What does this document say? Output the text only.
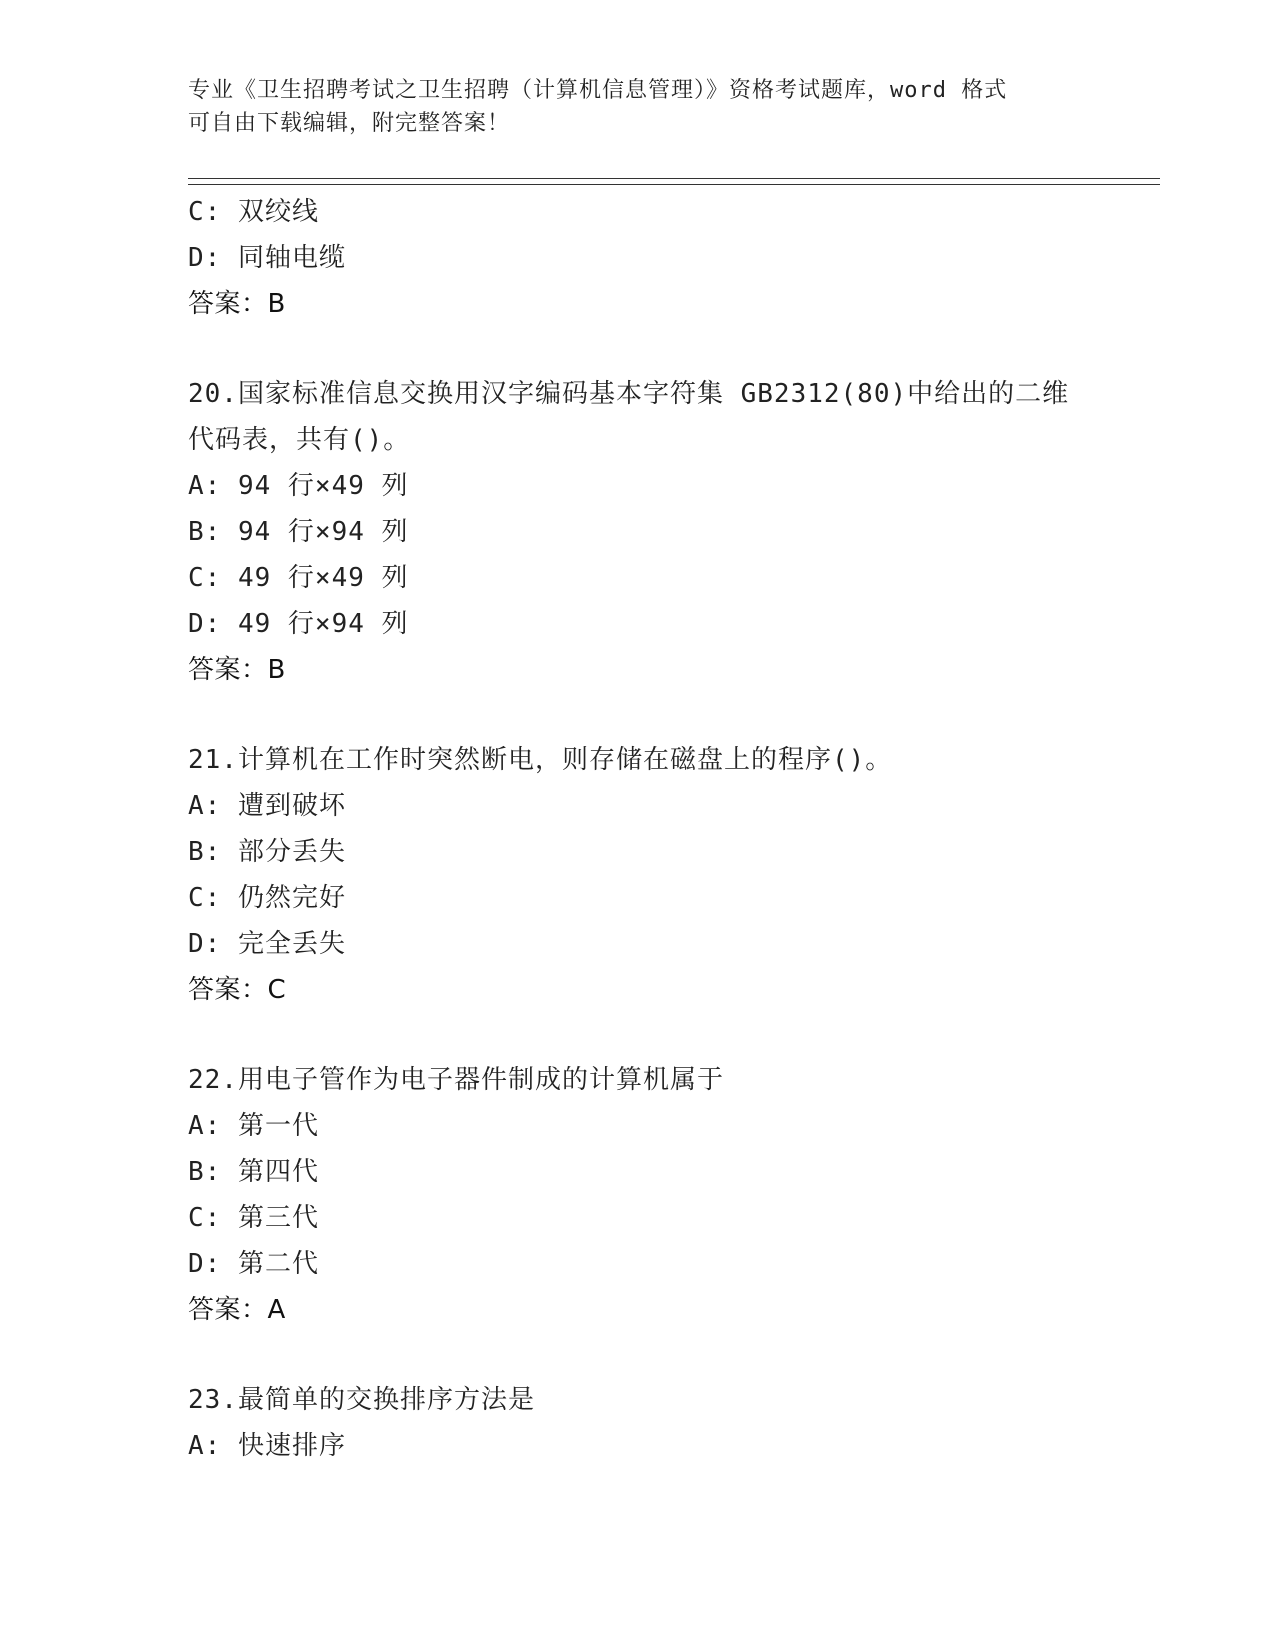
专业《卫生招聘考试之卫生招聘（计算机信息管理）》资格考试题库，word 格式
可自由下载编辑，附完整答案！
C: 双绞线
D: 同轴电缆
答案：B
20.国家标准信息交换用汉字编码基本字符集 GB2312(80)中给出的二维
代码表，共有()。
A: 94 行×49 列
B: 94 行×94 列
C: 49 行×49 列
D: 49 行×94 列
答案：B
21.计算机在工作时突然断电，则存储在磁盘上的程序()。
A: 遭到破坏
B: 部分丢失
C: 仍然完好
D: 完全丢失
答案：C
22.用电子管作为电子器件制成的计算机属于
A: 第一代
B: 第四代
C: 第三代
D: 第二代
答案：A
23.最简单的交换排序方法是
A: 快速排序
